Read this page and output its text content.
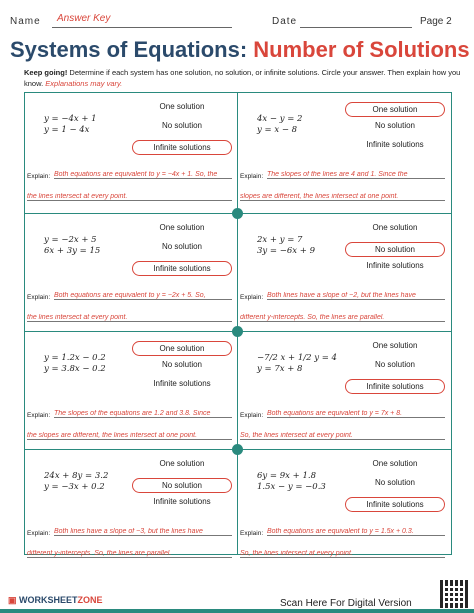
Name Answer Key	Date	Page 2
Systems of Equations: Number of Solutions
Keep going! Determine if each system has one solution, no solution, or infinite solutions. Circle your answer. Then explain how you know. Explanations may vary.
y = −4x + 1
y = 1 − 4x
One solution
No solution
Infinite solutions
Explain: Both equations are equivalent to y = −4x + 1. So, the
the lines intersect at every point.
4x − y = 2
y = x − 8
One solution
No solution
Infinite solutions
Explain: The slopes of the lines are 4 and 1. Since the
slopes are different, the lines intersect at one point.
y = −2x + 5
6x + 3y = 15
One solution
No solution
Infinite solutions
Explain: Both equations are equivalent to y = −2x + 5. So,
the lines intersect at every point.
2x + y = 7
3y = −6x + 9
One solution
No solution
Infinite solutions
Explain: Both lines have a slope of −2, but the lines have
different y-intercepts. So, the lines are parallel.
y = 1.2x − 0.2
y = 3.8x − 0.2
One solution
No solution
Infinite solutions
Explain: The slopes of the equations are 1.2 and 3.8. Since
the slopes are different, the lines intersect at one point.
−7/2 x + 1/2 y = 4
y = 7x + 8
One solution
No solution
Infinite solutions
Explain: Both equations are equivalent to y = 7x + 8.
So, the lines intersect at every point.
24x + 8y = 3.2
y = −3x + 0.2
One solution
No solution
Infinite solutions
Explain: Both lines have a slope of −3, but the lines have
different y-intercepts. So, the lines are parallel.
6y = 9x + 1.8
1.5x − y = −0.3
One solution
No solution
Infinite solutions
Explain: Both equations are equivalent to y = 1.5x + 0.3.
So, the lines intersect at every point.
▣ WORKSHEETZONE	Scan Here For Digital Version
